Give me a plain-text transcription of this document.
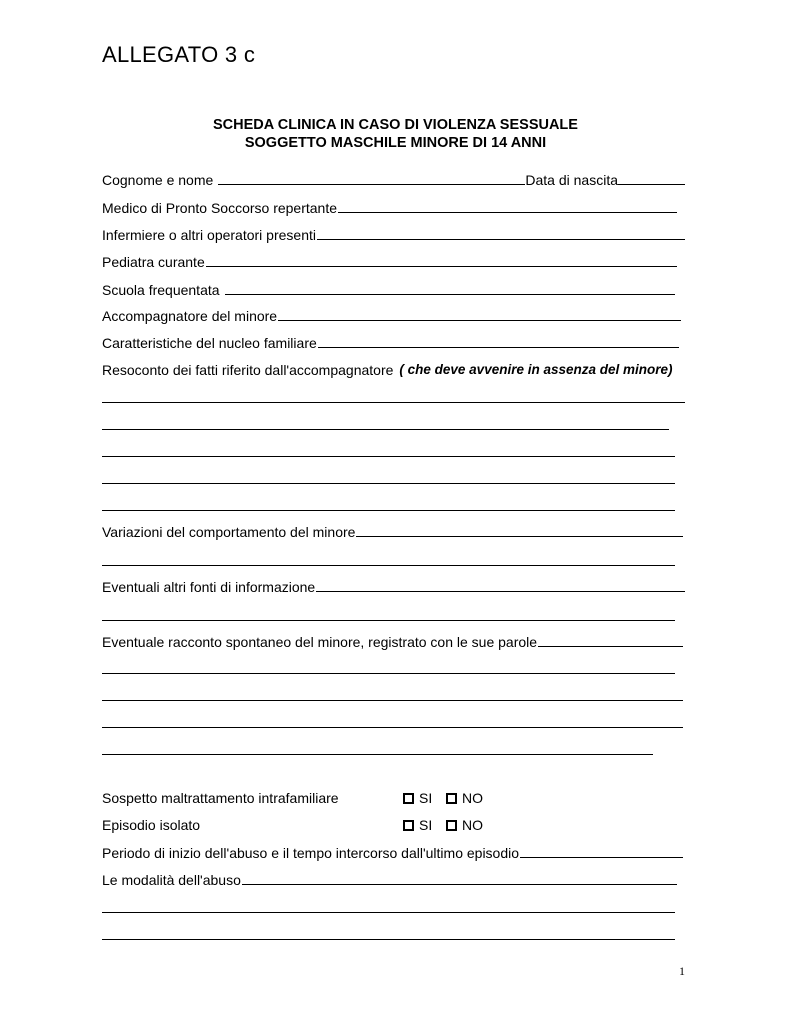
ALLEGATO 3 c
SCHEDA CLINICA IN CASO DI VIOLENZA SESSUALE
SOGGETTO MASCHILE MINORE DI 14 ANNI
Cognome e nome	Data di nascita
Medico di Pronto Soccorso repertante
Infermiere o altri operatori presenti
Pediatra curante
Scuola frequentata
Accompagnatore del minore
Caratteristiche del nucleo familiare
Resoconto dei fatti riferito dall'accompagnatore ( che deve avvenire in assenza del minore)
Variazioni del comportamento del minore
Eventuali altri fonti di informazione
Eventuale racconto spontaneo del minore, registrato con le sue parole
Sospetto maltrattamento intrafamiliare	SI NO
Episodio isolato	SI NO
Periodo di inizio dell'abuso e il tempo intercorso dall'ultimo episodio
Le modalità dell'abuso
1
